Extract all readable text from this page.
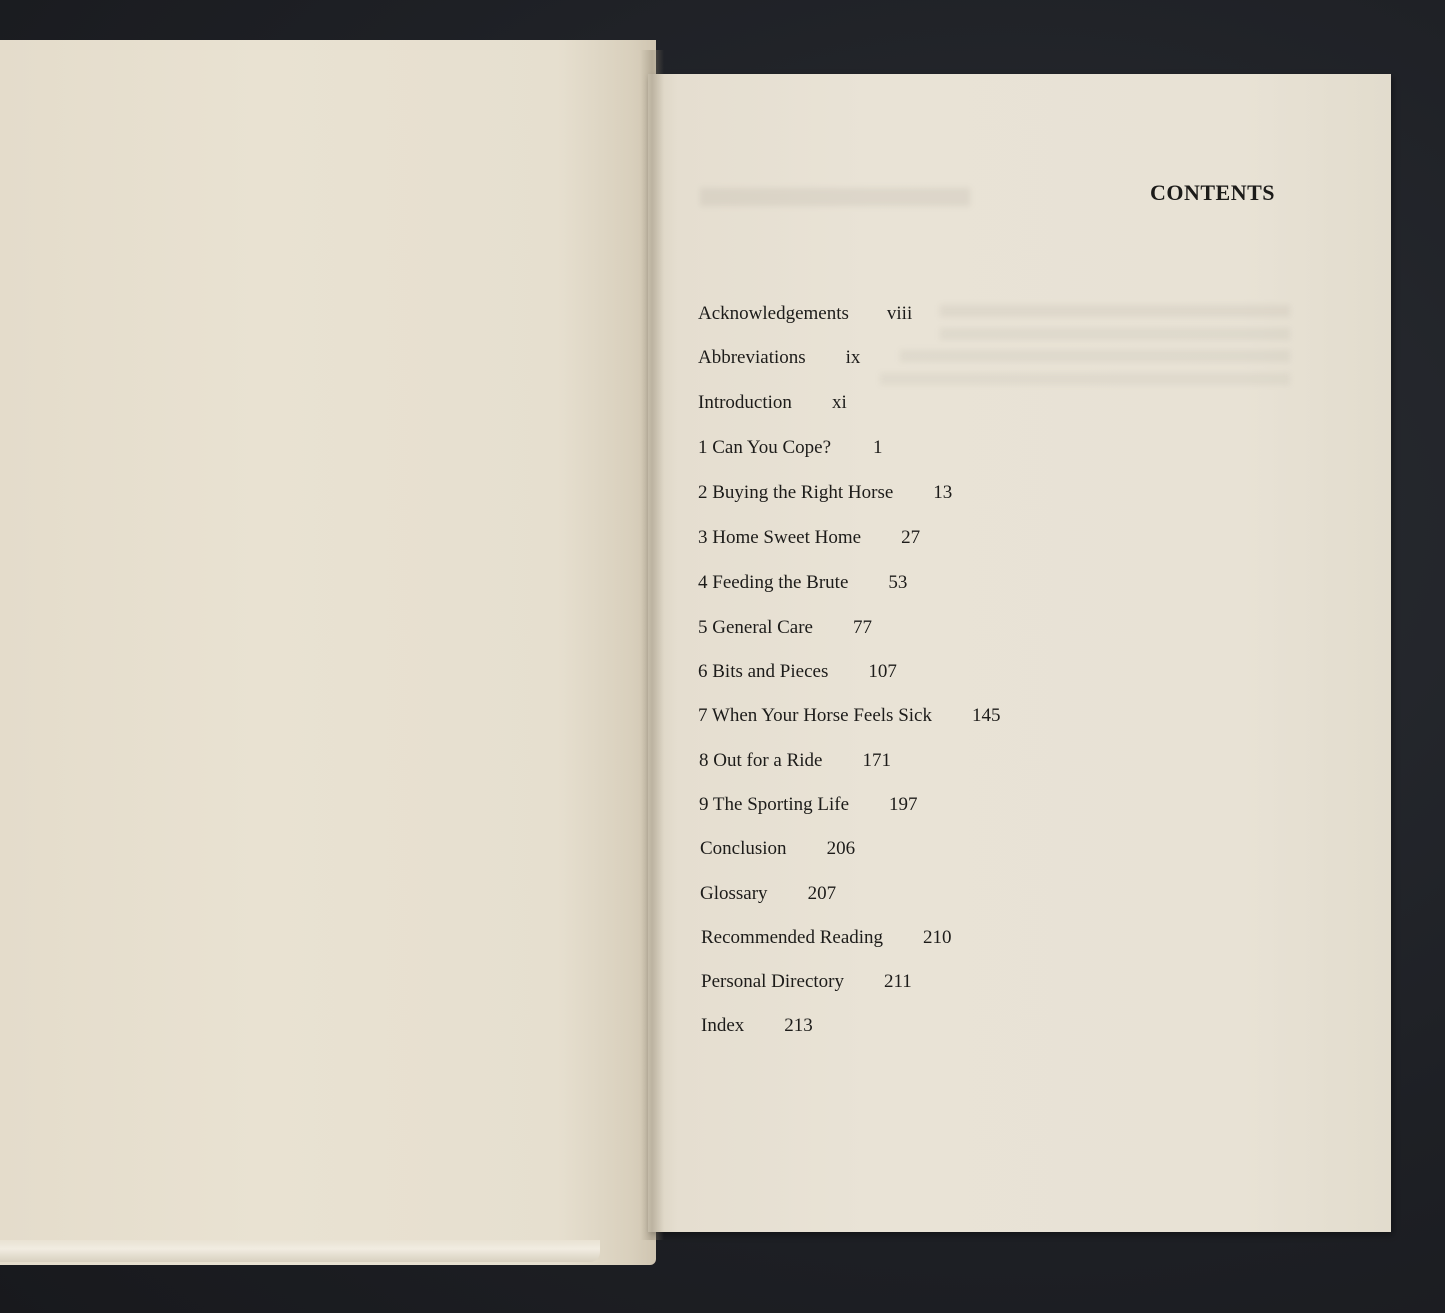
CONTENTS
Acknowledgements viii
Abbreviations ix
Introduction xi
1 Can You Cope? 1
2 Buying the Right Horse 13
3 Home Sweet Home 27
4 Feeding the Brute 53
5 General Care 77
6 Bits and Pieces 107
7 When Your Horse Feels Sick 145
8 Out for a Ride 171
9 The Sporting Life 197
Conclusion 206
Glossary 207
Recommended Reading 210
Personal Directory 211
Index 213
